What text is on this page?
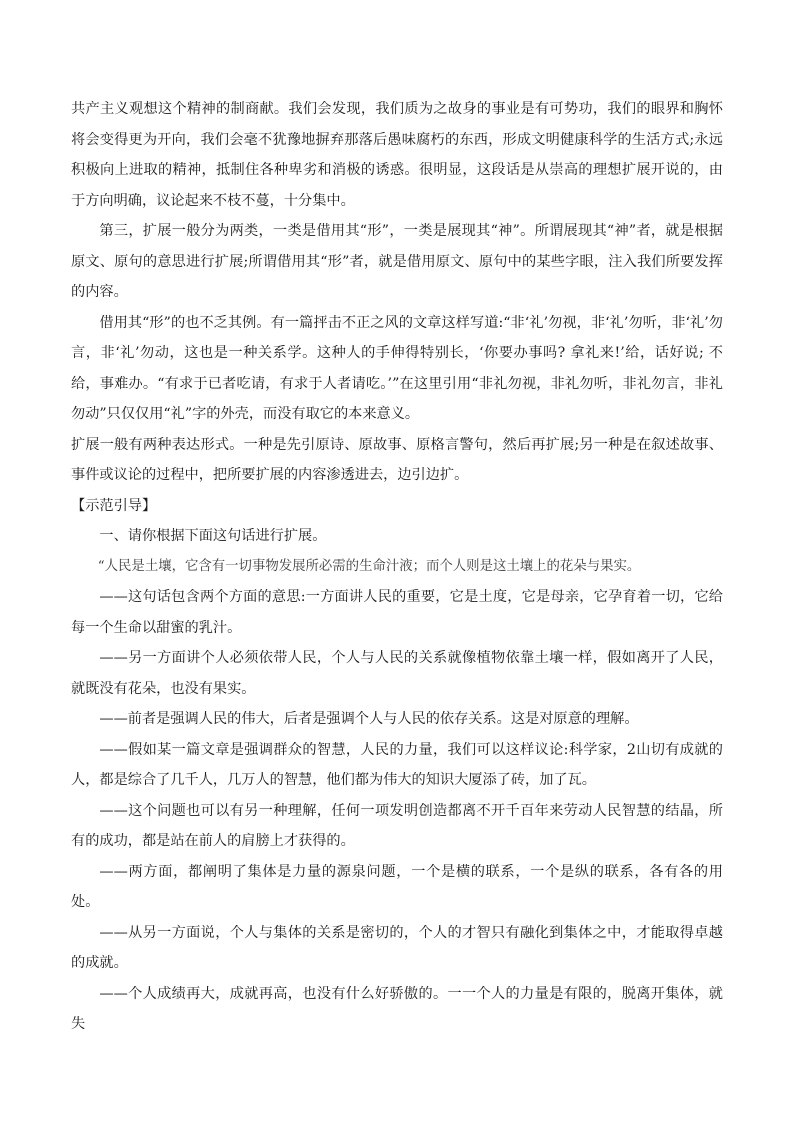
共产主义观想这个精神的制商献。我们会发现，我们质为之故身的事业是有可势功，我们的眼界和胸怀将会变得更为开向，我们会毫不犹豫地摒弃那落后愚味腐朽的东西，形成文明健康科学的生活方式;永远积极向上进取的精神，抵制住各种卑劣和消极的诱惑。很明显，这段话是从崇高的理想扩展开说的，由于方向明确，议论起来不枝不蔓，十分集中。

第三，扩展一般分为两类，一类是借用其“形”，一类是展现其“神”。所谓展现其“神”者，就是根据原文、原句的意思进行扩展;所谓借用其“形”者，就是借用原文、原句中的某些字眼，注入我们所要发挥的内容。

借用其“形”的也不乏其例。有一篇抨击不正之风的文章这样写道:“非‘礼’勿视，非‘礼’勿听，非‘礼’勿言，非‘礼’勿动，这也是一种关系学。这种人的手伸得特别长，‘你要办事吗? 拿礼来!’给，话好说; 不给，事难办。“有求于已者吃请，有求于人者请吃。’”在这里引用“非礼勿视，非礼勿听，非礼勿言，非礼勿动”只仅仅用“礼”字的外壳，而没有取它的本来意义。

扩展一般有两种表达形式。一种是先引原诗、原故事、原格言警句，然后再扩展;另一种是在叙述故事、事件或议论的过程中，把所要扩展的内容渗透进去，边引边扩。

【示范引导】

一、请你根据下面这句话进行扩展。

“人民是土壤，它含有一切事物发展所必需的生命汁液；而个人则是这土壤上的花朵与果实。

——这句话包含两个方面的意思:一方面讲人民的重要，它是土度，它是母亲，它孕育着一切，它给每一个生命以甜蜜的乳汁。

——另一方面讲个人必须依带人民，个人与人民的关系就像植物依靠土壤一样，假如离开了人民，就既没有花朵，也没有果实。

——前者是强调人民的伟大，后者是强调个人与人民的依存关系。这是对原意的理解。

——假如某一篇文章是强调群众的智慧，人民的力量，我们可以这样议论:科学家，2山切有成就的人，都是综合了几千人，几万人的智慧，他们都为伟大的知识大厦添了砖，加了瓦。

——这个问题也可以有另一种理解，任何一项发明创造都离不开千百年来劳动人民智慧的结晶，所有的成功，都是站在前人的肩膀上才获得的。

——两方面，都阐明了集体是力量的源泉问题，一个是横的联系，一个是纵的联系，各有各的用处。

——从另一方面说，个人与集体的关系是密切的，个人的才智只有融化到集体之中，才能取得卓越的成就。

——个人成绩再大，成就再高，也没有什么好骄傲的。一一个人的力量是有限的，脱离开集体，就失
